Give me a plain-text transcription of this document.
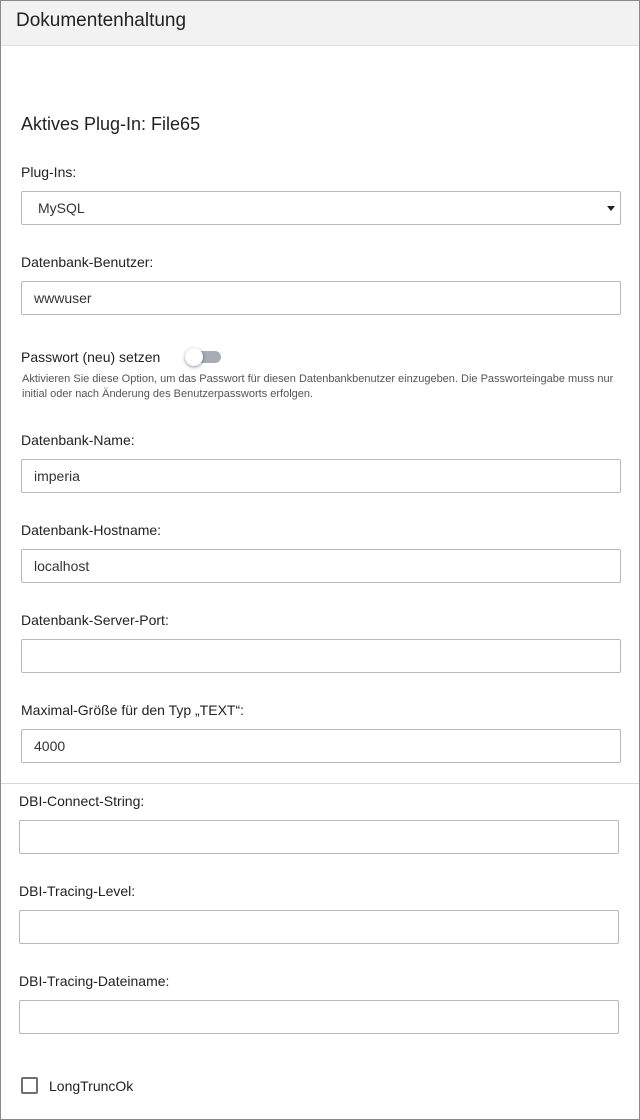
Dokumentenhaltung
Aktives Plug-In: File65
Plug-Ins:
MySQL
Datenbank-Benutzer:
wwwuser
Passwort (neu) setzen
Aktivieren Sie diese Option, um das Passwort für diesen Datenbankbenutzer einzugeben. Die Passworteingabe muss nur initial oder nach Änderung des Benutzerpassworts erfolgen.
Datenbank-Name:
imperia
Datenbank-Hostname:
localhost
Datenbank-Server-Port:
Maximal-Größe für den Typ „TEXT“:
4000
DBI-Connect-String:
DBI-Tracing-Level:
DBI-Tracing-Dateiname:
LongTruncOk
